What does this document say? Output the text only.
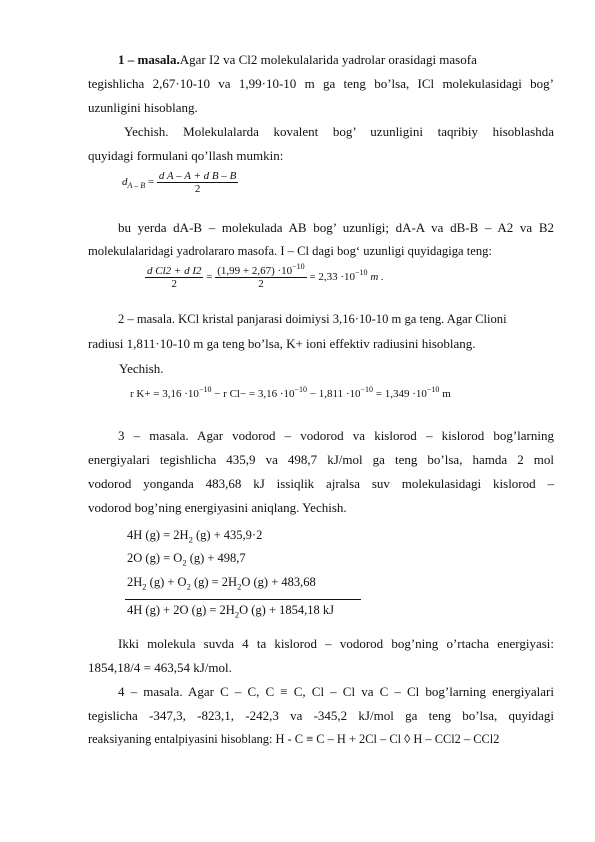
1 – masala.Agar I2 va Cl2 molekulalarida yadrolar orasidagi masofa

tegishlicha 2,67·10-10 va 1,99·10-10 m ga teng bo’lsa, ICl molekulasidagi bog’

uzunligini hisoblang.

Yechish. Molekulalarda kovalent bog’ uzunligini taqribiy hisoblashda

quyidagi formulani qo’llash mumkin:

$d_{A - B} = \frac{\text{d A – A + d B – B}}{2}$

bu yerda dA-B – molekulada AB bog’ uzunligi; dA-A va dB-B – A2 va B2

molekulalaridagi yadrolararo masofa. I – Cl dagi bog‘ uzunligi quyidagiga teng:

$\frac{\text{d Cl2 + d I2}}{2} = \frac{(1,99 + 2,67) \cdot 10^{-10}}{2} = 2,33 \cdot 10^{-10}$ m .

2 – masala. KCl kristal panjarasi doimiysi 3,16·10-10 m ga teng. Agar Clioni

radiusi 1,811·10-10 m ga teng bo’lsa, K+ ioni effektiv radiusini hisoblang.

Yechish.

r $K+ = 3,16 \cdot 10^{-10} - r$ $Cl- = 3,16 \cdot 10^{-10} - 1,811 \cdot 10^{-10} = 1,349 \cdot 10^{-10}$ m

3 – masala. Agar vodorod – vodorod va kislorod – kislorod bog’larning

energiyalari tegishlicha 435,9 va 498,7 kJ/mol ga teng bo’lsa, hamda 2 mol

vodorod yonganda 483,68 kJ issiqlik ajralsa suv molekulasidagi kislorod –

vodorod bog’ning energiyasini aniqlang. Yechish.

4H $(g) = 2H_2$ (g) + 435,9·2
2O $(g) = O_2$ (g) + 498,7
$2H_2$ $(g) + O_2$ $(g) = 2H_2O$ (g) + 483,68
4H (g) + 2O $(g) = 2H_2O$ (g) + 1854,18 kJ

Ikki molekula suvda 4 ta kislorod – vodorod bog’ning o’rtacha energiyasi:

1854,18/4 = 463,54 kJ/mol.

4 – masala. Agar C – C, C ≡ C, Cl – Cl va C – Cl bog’larning energiyalari

tegislicha -347,3, -823,1, -242,3 va -345,2 kJ/mol ga teng bo’lsa, quyidagi

reaksiyaning entalpiyasini hisoblang: H - C ≡ C – H + 2Cl – Cl ◊ H – CCl2 – CCl2
